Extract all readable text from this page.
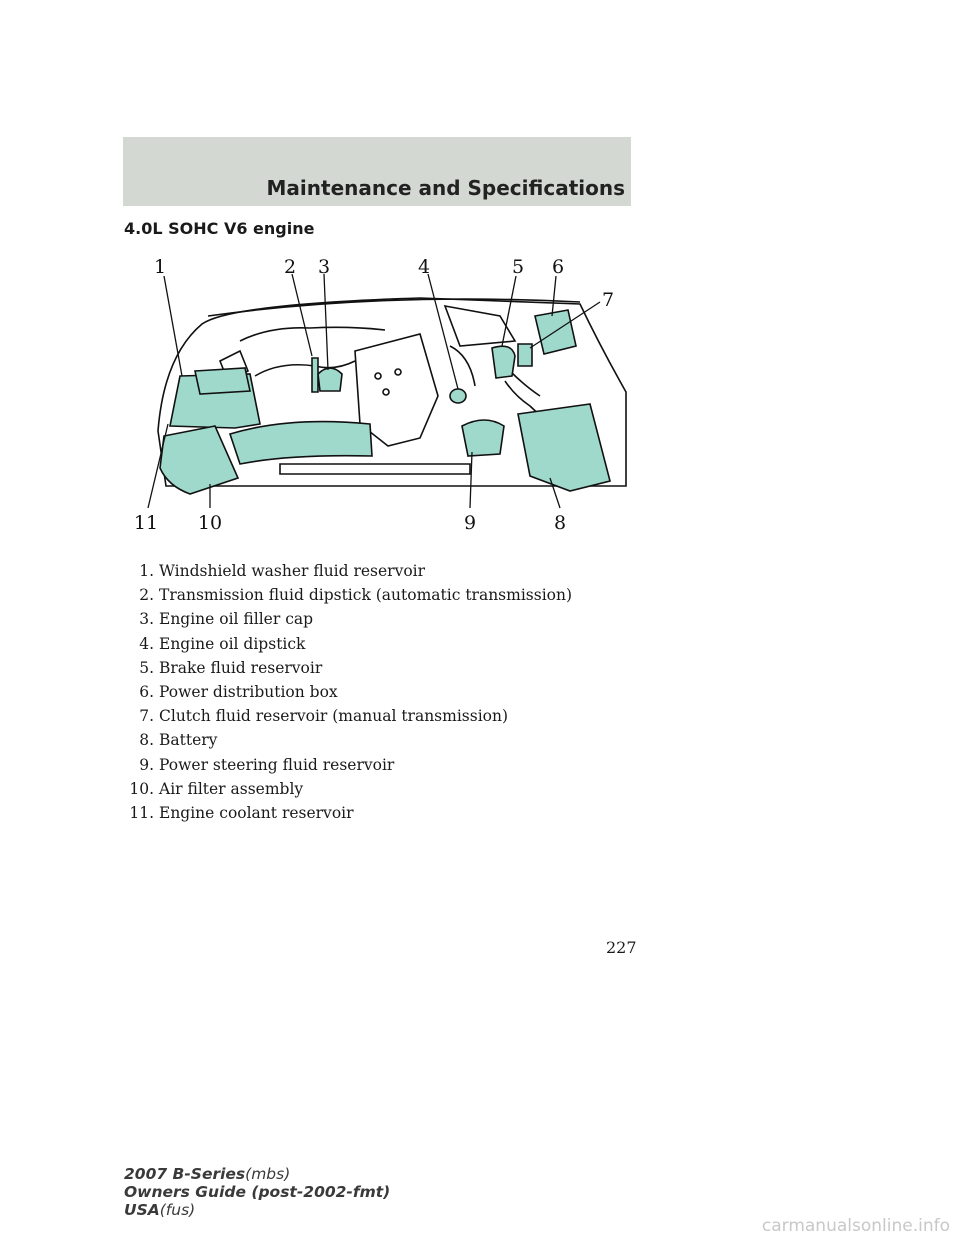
Maintenance and Specifications
4.0L SOHC V6 engine
1	2 3	4	5 6
7
8
9
10
11
1. Windshield washer fluid reservoir
2. Transmission fluid dipstick (automatic transmission)
3. Engine oil filler cap
4. Engine oil dipstick
5. Brake fluid reservoir
6. Power distribution box
7. Clutch fluid reservoir (manual transmission)
8. Battery
9. Power steering fluid reservoir
10. Air filter assembly
11. Engine coolant reservoir
227
2007 B-Series(mbs)
Owners Guide (post-2002-fmt)
USA(fus)
carmanualsonline.info
